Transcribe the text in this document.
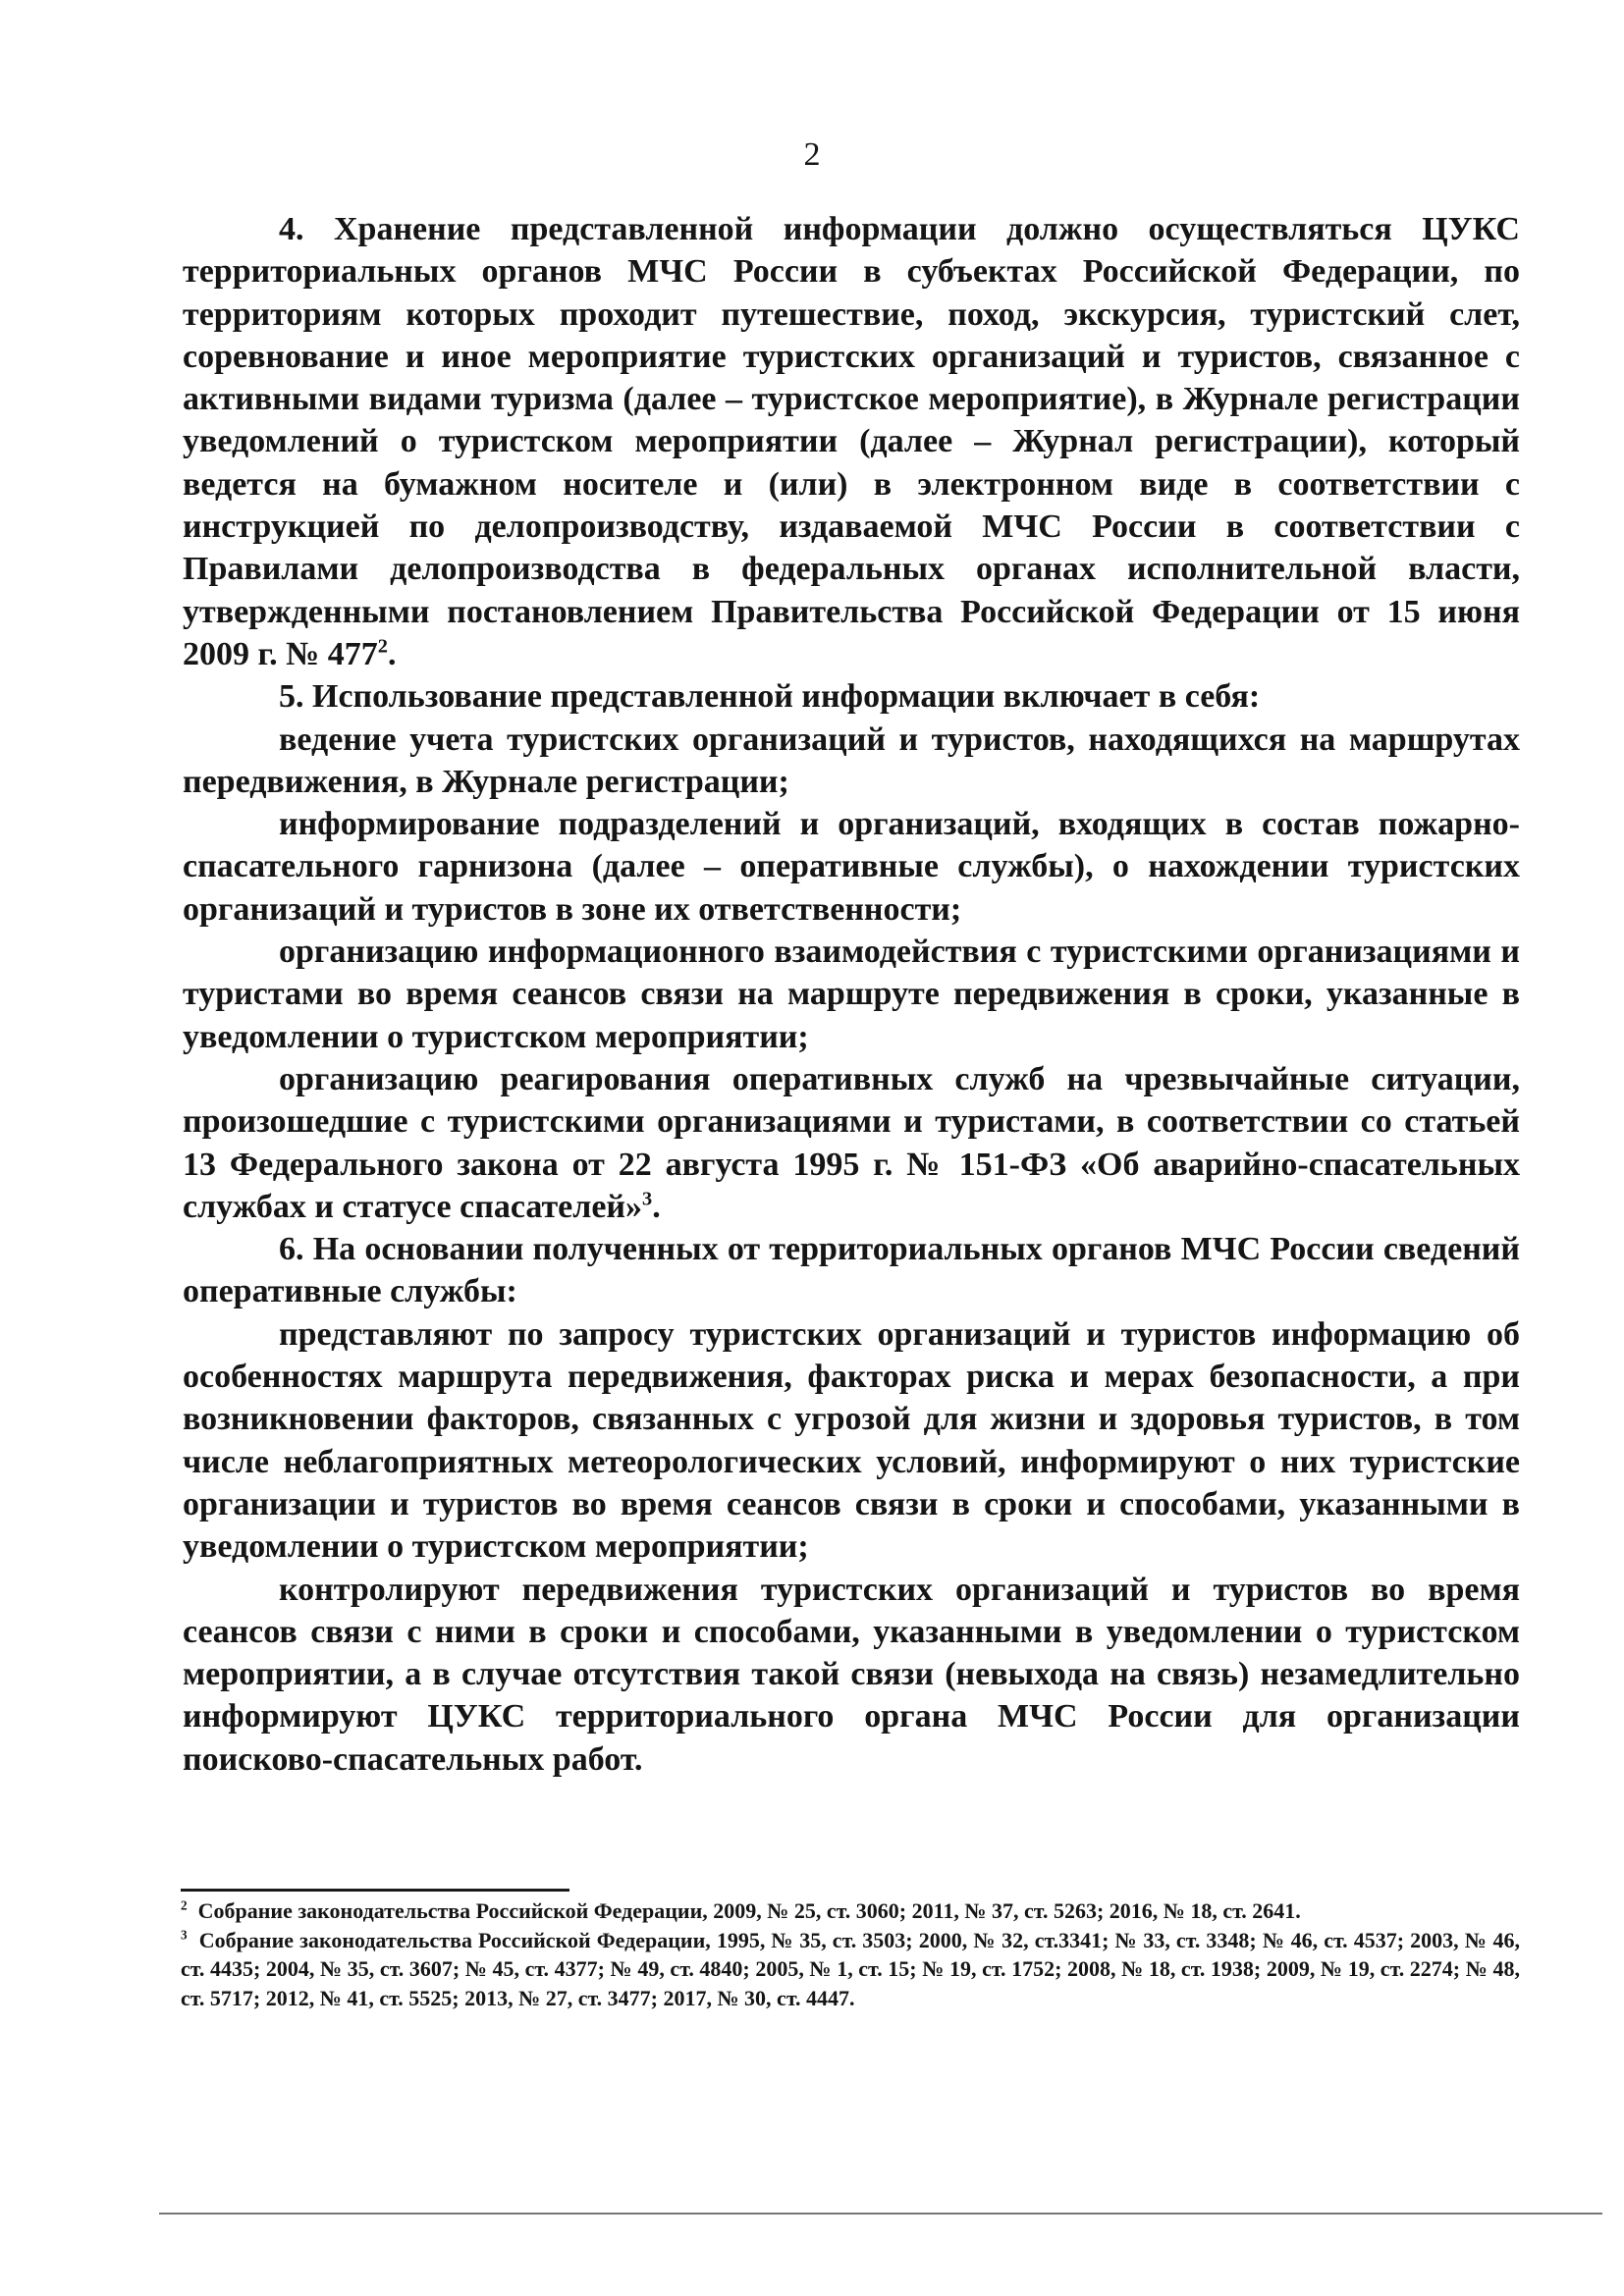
2

4. Хранение представленной информации должно осуществляться ЦУКС территориальных органов МЧС России в субъектах Российской Федерации, по территориям которых проходит путешествие, поход, экскурсия, туристский слет, соревнование и иное мероприятие туристских организаций и туристов, связанное с активными видами туризма (далее – туристское мероприятие), в Журнале регистрации уведомлений о туристском мероприятии (далее – Журнал регистрации), который ведется на бумажном носителе и (или) в электронном виде в соответствии с инструкцией по делопроизводству, издаваемой МЧС России в соответствии с Правилами делопроизводства в федеральных органах исполнительной власти, утвержденными постановлением Правительства Российской Федерации от 15 июня 2009 г. № $477^2$.

5. Использование представленной информации включает в себя:

ведение учета туристских организаций и туристов, находящихся на маршрутах передвижения, в Журнале регистрации;

информирование подразделений и организаций, входящих в состав пожарно-спасательного гарнизона (далее – оперативные службы), о нахождении туристских организаций и туристов в зоне их ответственности;

организацию информационного взаимодействия с туристскими организациями и туристами во время сеансов связи на маршруте передвижения в сроки, указанные в уведомлении о туристском мероприятии;

организацию реагирования оперативных служб на чрезвычайные ситуации, произошедшие с туристскими организациями и туристами, в соответствии со статьей 13 Федерального закона от 22 августа 1995 г. № 151-ФЗ «Об аварийно-спасательных службах и статусе спасателей»$^3$.

6. На основании полученных от территориальных органов МЧС России сведений оперативные службы:

представляют по запросу туристских организаций и туристов информацию об особенностях маршрута передвижения, факторах риска и мерах безопасности, а при возникновении факторов, связанных с угрозой для жизни и здоровья туристов, в том числе неблагоприятных метеорологических условий, информируют о них туристские организации и туристов во время сеансов связи в сроки и способами, указанными в уведомлении о туристском мероприятии;

контролируют передвижения туристских организаций и туристов во время сеансов связи с ними в сроки и способами, указанными в уведомлении о туристском мероприятии, а в случае отсутствия такой связи (невыхода на связь) незамедлительно информируют ЦУКС территориального органа МЧС России для организации поисково-спасательных работ.

$^2$ Собрание законодательства Российской Федерации, 2009, № 25, ст. 3060; 2011, № 37, ст. 5263; 2016, № 18, ст. 2641.

$^3$ Собрание законодательства Российской Федерации, 1995, № 35, ст. 3503; 2000, № 32, ст.3341; № 33, ст. 3348; № 46, ст. 4537; 2003, № 46, ст. 4435; 2004, № 35, ст. 3607; № 45, ст. 4377; № 49, ст. 4840; 2005, № 1, ст. 15; № 19, ст. 1752; 2008, № 18, ст. 1938; 2009, № 19, ст. 2274; № 48, ст. 5717; 2012, № 41, ст. 5525; 2013, № 27, ст. 3477; 2017, № 30, ст. 4447.
